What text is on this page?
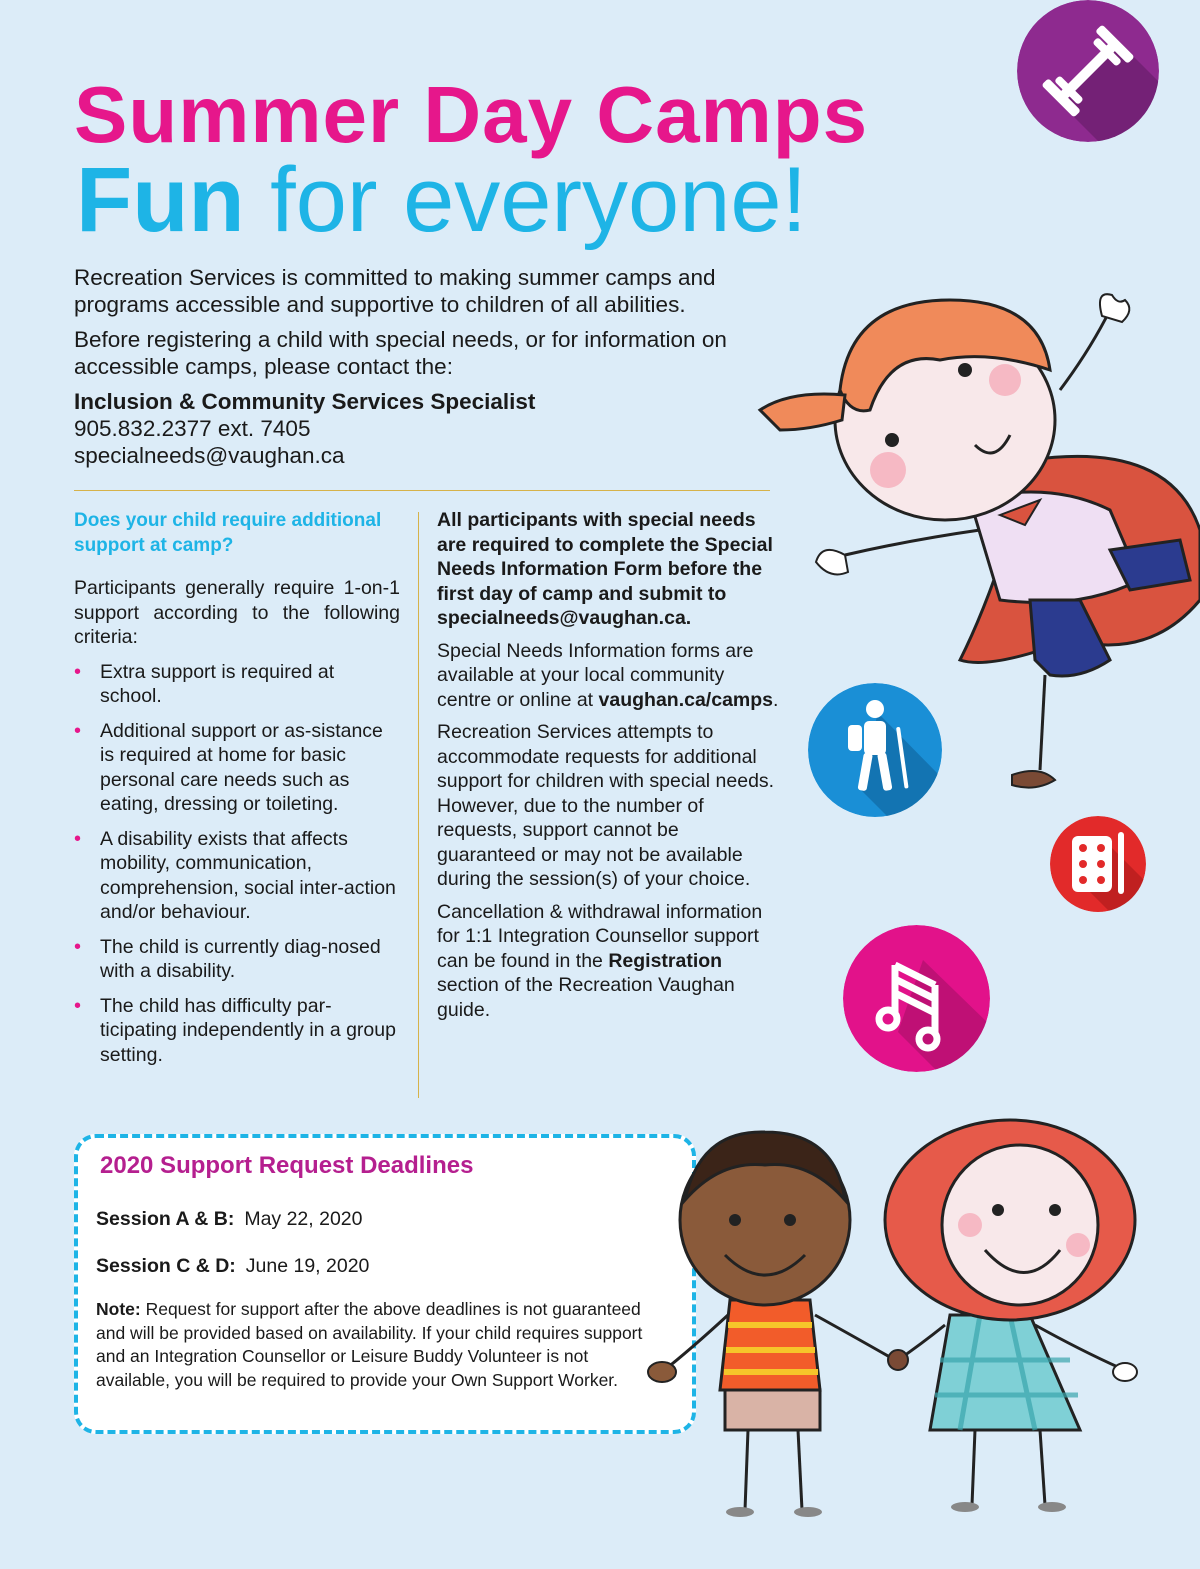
Summer Day Camps
Fun for everyone!

Recreation Services is committed to making summer camps and programs accessible and supportive to children of all abilities.

Before registering a child with special needs, or for information on accessible camps, please contact the:

Inclusion & Community Services Specialist
905.832.2377 ext. 7405
specialneeds@vaughan.ca
Does your child require additional support at camp?

Participants generally require 1-on-1 support according to the following criteria:

• Extra support is required at school.
• Additional support or as-sistance is required at home for basic personal care needs such as eating, dressing or toileting.
• A disability exists that affects mobility, communication, comprehension, social inter-action and/or behaviour.
• The child is currently diag-nosed with a disability.
• The child has difficulty par-ticipating independently in a group setting.

All participants with special needs are required to complete the Special Needs Information Form before the first day of camp and submit to specialneeds@vaughan.ca.

Special Needs Information forms are available at your local community centre or online at vaughan.ca/camps.

Recreation Services attempts to accommodate requests for additional support for children with special needs. However, due to the number of requests, support cannot be guaranteed or may not be available during the session(s) of your choice.

Cancellation & withdrawal information for 1:1 Integration Counsellor support can be found in the Registration section of the Recreation Vaughan guide.

2020 Support Request Deadlines
Session A & B: May 22, 2020
Session C & D: June 19, 2020
Note: Request for support after the above deadlines is not guaranteed and will be provided based on availability. If your child requires support and an Integration Counsellor or Leisure Buddy Volunteer is not available, you will be required to provide your Own Support Worker.
